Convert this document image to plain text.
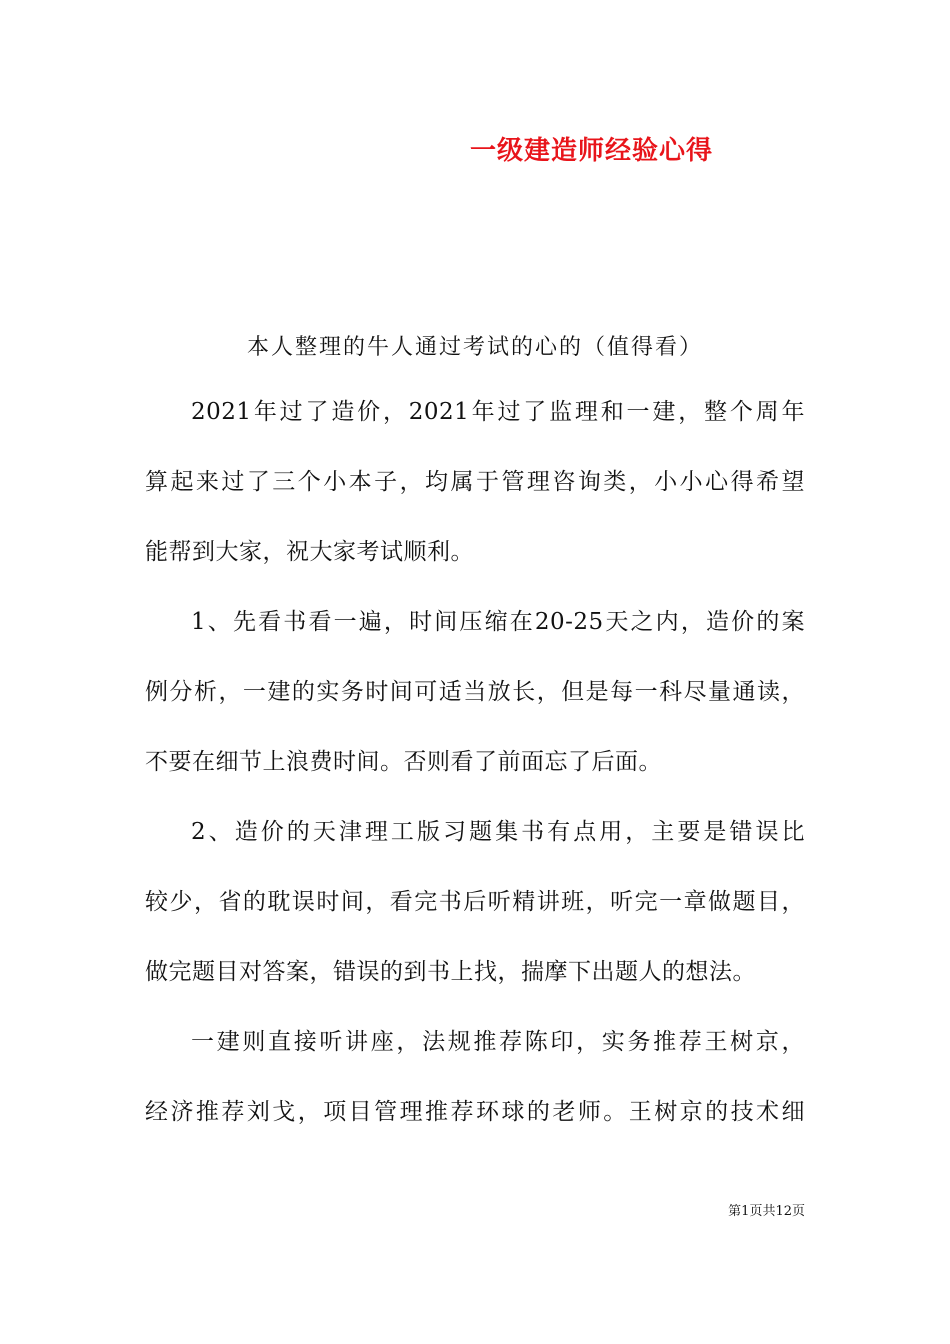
一级建造师经验心得
本人整理的牛人通过考试的心的（值得看）
2021年过了造价，2021年过了监理和一建，整个周年
算起来过了三个小本子，均属于管理咨询类，小小心得希望
能帮到大家，祝大家考试顺利。
1、先看书看一遍，时间压缩在20-25天之内，造价的案
例分析，一建的实务时间可适当放长，但是每一科尽量通读，
不要在细节上浪费时间。否则看了前面忘了后面。
2、造价的天津理工版习题集书有点用，主要是错误比
较少，省的耽误时间，看完书后听精讲班，听完一章做题目，
做完题目对答案，错误的到书上找，揣摩下出题人的想法。
一建则直接听讲座，法规推荐陈印，实务推荐王树京，
经济推荐刘戈，项目管理推荐环球的老师。王树京的技术细
第1页共12页
